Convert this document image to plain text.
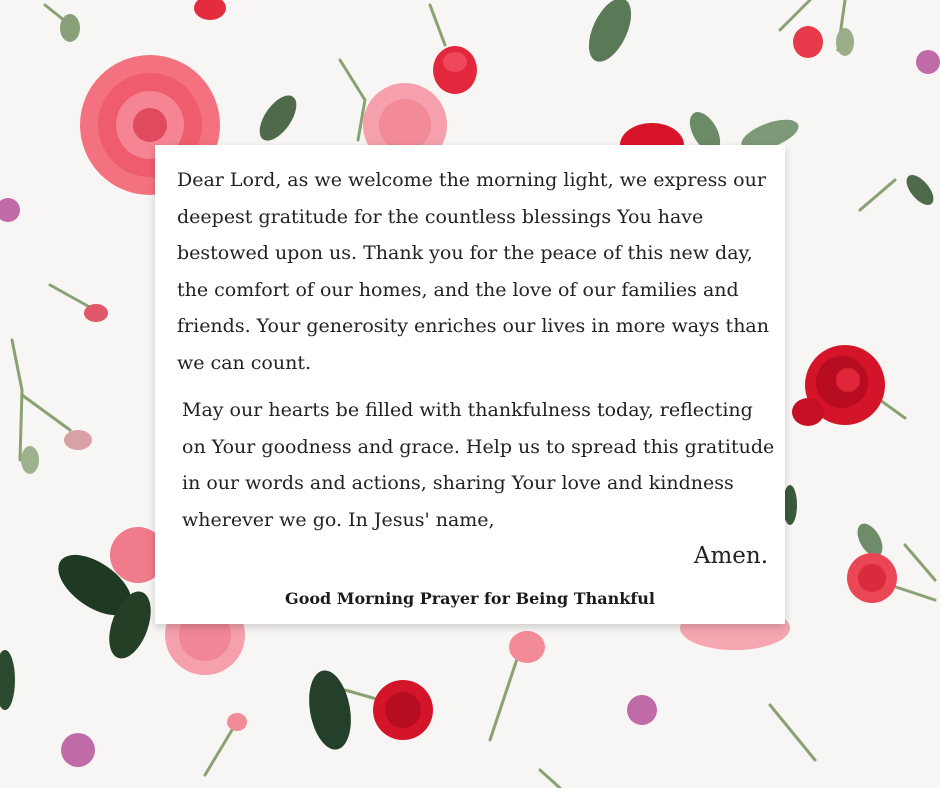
Dear Lord, as we welcome the morning light, we express our deepest gratitude for the countless blessings You have bestowed upon us. Thank you for the peace of this new day, the comfort of our homes, and the love of our families and friends. Your generosity enriches our lives in more ways than we can count.

May our hearts be filled with thankfulness today, reflecting on Your goodness and grace. Help us to spread this gratitude in our words and actions, sharing Your love and kindness wherever we go. In Jesus' name,

Amen.
Good Morning Prayer for Being Thankful
